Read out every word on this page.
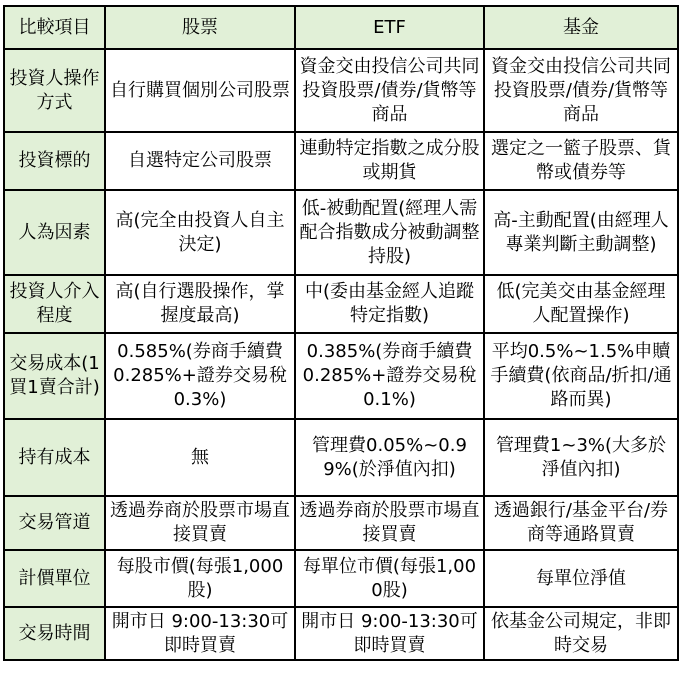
比較項目	股票	ETF	基金
投資人操作方式	自行購買個別公司股票	資金交由投信公司共同投資股票/債券/貨幣等商品	資金交由投信公司共同投資股票/債券/貨幣等商品
投資標的	自選特定公司股票	連動特定指數之成分股或期貨	選定之一籃子股票、貨幣或債券等
人為因素	高(完全由投資人自主決定)	低-被動配置(經理人需配合指數成分被動調整持股)	高-主動配置(由經理人專業判斷主動調整)
投資人介入程度	高(自行選股操作，掌握度最高)	中(委由基金經人追蹤特定指數)	低(完美交由基金經理人配置操作)
交易成本(1買1賣合計)	0.585%(券商手續費0.285%+證券交易稅0.3%)	0.385%(券商手續費0.285%+證券交易稅0.1%)	平均0.5%~1.5%申贖手續費(依商品/折扣/通路而異)
持有成本	無	管理費0.05%~0.99%(於淨值內扣)	管理費1~3%(大多於淨值內扣)
交易管道	透過券商於股票市場直接買賣	透過券商於股票市場直接買賣	透過銀行/基金平台/券商等通路買賣
計價單位	每股市價(每張1,000股)	每單位市價(每張1,000股)	每單位淨值
交易時間	開市日 9:00-13:30可即時買賣	開市日 9:00-13:30可即時買賣	依基金公司規定，非即時交易
